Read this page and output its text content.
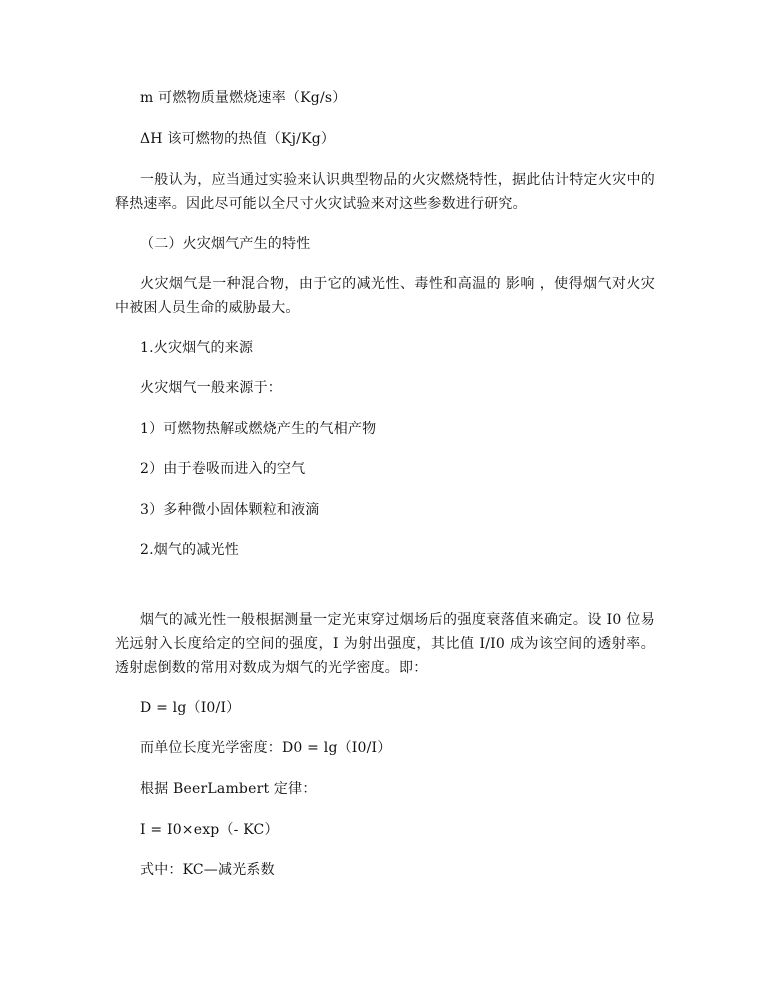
m 可燃物质量燃烧速率（Kg/s）
ΔH 该可燃物的热值（Kj/Kg）
一般认为，应当通过实验来认识典型物品的火灾燃烧特性，据此估计特定火灾中的释热速率。因此尽可能以全尺寸火灾试验来对这些参数进行研究。
（二）火灾烟气产生的特性
火灾烟气是一种混合物，由于它的减光性、毒性和高温的 影响 ，使得烟气对火灾中被困人员生命的威胁最大。
1.火灾烟气的来源
火灾烟气一般来源于：
1）可燃物热解或燃烧产生的气相产物
2）由于卷吸而进入的空气
3）多种微小固体颗粒和液滴
2.烟气的减光性
烟气的减光性一般根据测量一定光束穿过烟场后的强度衰落值来确定。设 I0 位易光远射入长度给定的空间的强度，I 为射出强度，其比值 I/I0 成为该空间的透射率。透射虑倒数的常用对数成为烟气的光学密度。即：
D = lg（I0/I）
而单位长度光学密度：D0 = lg（I0/I）
根据 BeerLambert 定律：
I = I0×exp（- KC）
式中：KC—减光系数
